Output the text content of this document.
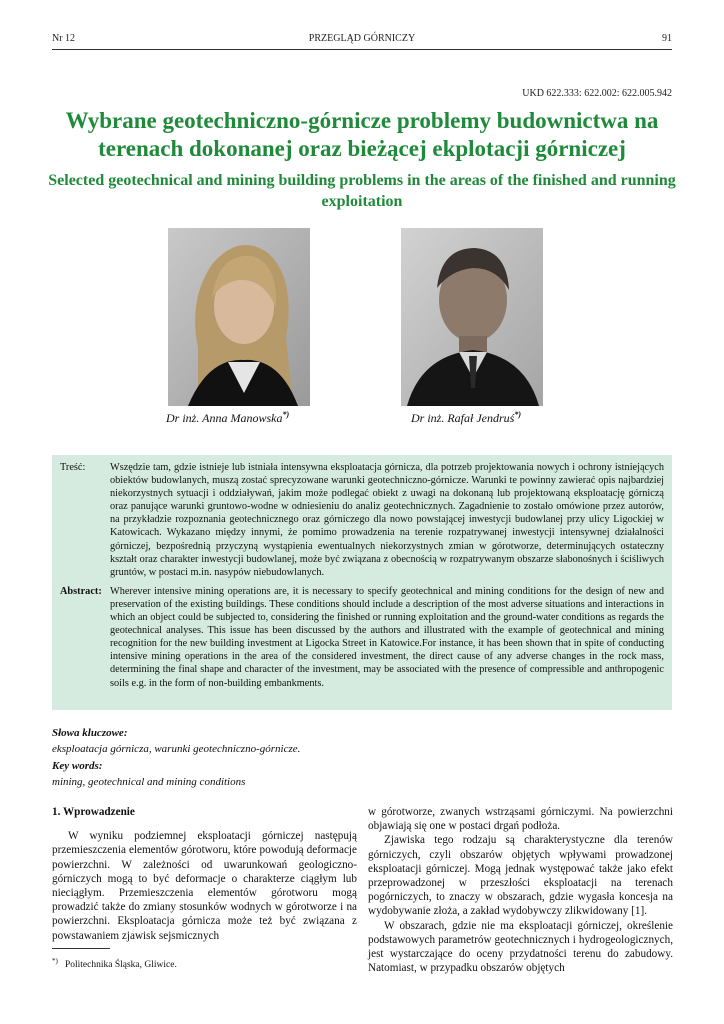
Nr 12	PRZEGLĄD GÓRNICZY	91
UKD 622.333: 622.002: 622.005.942
Wybrane geotechniczno-górnicze problemy budownictwa na terenach dokonanej oraz bieżącej ekplotacji górniczej
Selected geotechnical and mining building problems in the areas of the finished and running exploitation
Dr inż. Anna Manowska*)	Dr inż. Rafał Jendruś*)
Treść:	Wszędzie tam, gdzie istnieje lub istniała intensywna eksploatacja górnicza, dla potrzeb projektowania nowych i ochrony istniejących obiektów budowlanych, muszą zostać sprecyzowane warunki geotechniczno-górnicze. Warunki te powinny zawierać opis najbardziej niekorzystnych sytuacji i oddziaływań, jakim może podlegać obiekt z uwagi na dokonaną lub projektowaną eksploatację górniczą oraz panujące warunki gruntowo-wodne w odniesieniu do analiz geotechnicznych. Zagadnienie to zostało omówione przez autorów, na przykładzie rozpoznania geotechnicznego oraz górniczego dla nowo powstającej inwestycji budowlanej przy ulicy Ligockiej w Katowicach. Wykazano między innymi, że pomimo prowadzenia na terenie rozpatrywanej inwestycji intensywnej działalności górniczej, bezpośrednią przyczyną wystąpienia ewentualnych niekorzystnych zmian w górotworze, determinujących ostateczny kształt oraz charakter inwestycji budowlanej, może być związana z obecnością w rozpatrywanym obszarze słabonośnych i ściśliwych gruntów, w postaci m.in. nasypów niebudowlanych.
Abstract: Wherever intensive mining operations are, it is necessary to specify geotechnical and mining conditions for the design of new and preservation of the existing buildings. These conditions should include a description of the most adverse situations and interactions in which an object could be subjected to, considering the finished or running exploitation and the ground-water conditions as regards the geotechnical analyses. This issue has been discussed by the authors and illustrated with the example of geotechnical and mining recognition for the new building investment at Ligocka Street in Katowice.For instance, it has been shown that in spite of conducting intensive mining operations in the area of the considered investment, the direct cause of any adverse changes in the rock mass, determining the final shape and character of the investment, may be associated with the presence of compressible and anthropogenic soils e.g. in the form of non-building embankments.
Słowa kluczowe:
eksploatacja górnicza, warunki geotechniczno-górnicze.
Key words:
mining, geotechnical and mining conditions

1. Wprowadzenie

W wyniku podziemnej eksploatacji górniczej następują przemieszczenia elementów górotworu, które powodują deformacje powierzchni. W zależności od uwarunkowań geologiczno-górniczych mogą to być deformacje o charakterze ciągłym lub nieciągłym. Przemieszczenia elementów górotworu mogą prowadzić także do zmiany stosunków wodnych w górotworze i na powierzchni. Eksploatacja górnicza może też być związana z powstawaniem zjawisk sejsmicznych

w górotworze, zwanych wstrząsami górniczymi. Na powierzchni objawiają się one w postaci drgań podłoża.

Zjawiska tego rodzaju są charakterystyczne dla terenów górniczych, czyli obszarów objętych wpływami prowadzonej eksploatacji górniczej. Mogą jednak występować także jako efekt przeprowadzonej w przeszłości eksploatacji na terenach pogórniczych, to znaczy w obszarach, gdzie wygasła koncesja na wydobywanie złoża, a zakład wydobywczy zlikwidowany [1].

W obszarach, gdzie nie ma eksploatacji górniczej, określenie podstawowych parametrów geotechnicznych i hydrogeologicznych, jest wystarczające do oceny przydatności terenu do zabudowy. Natomiast, w przypadku obszarów objętych

*) Politechnika Śląska, Gliwice.
